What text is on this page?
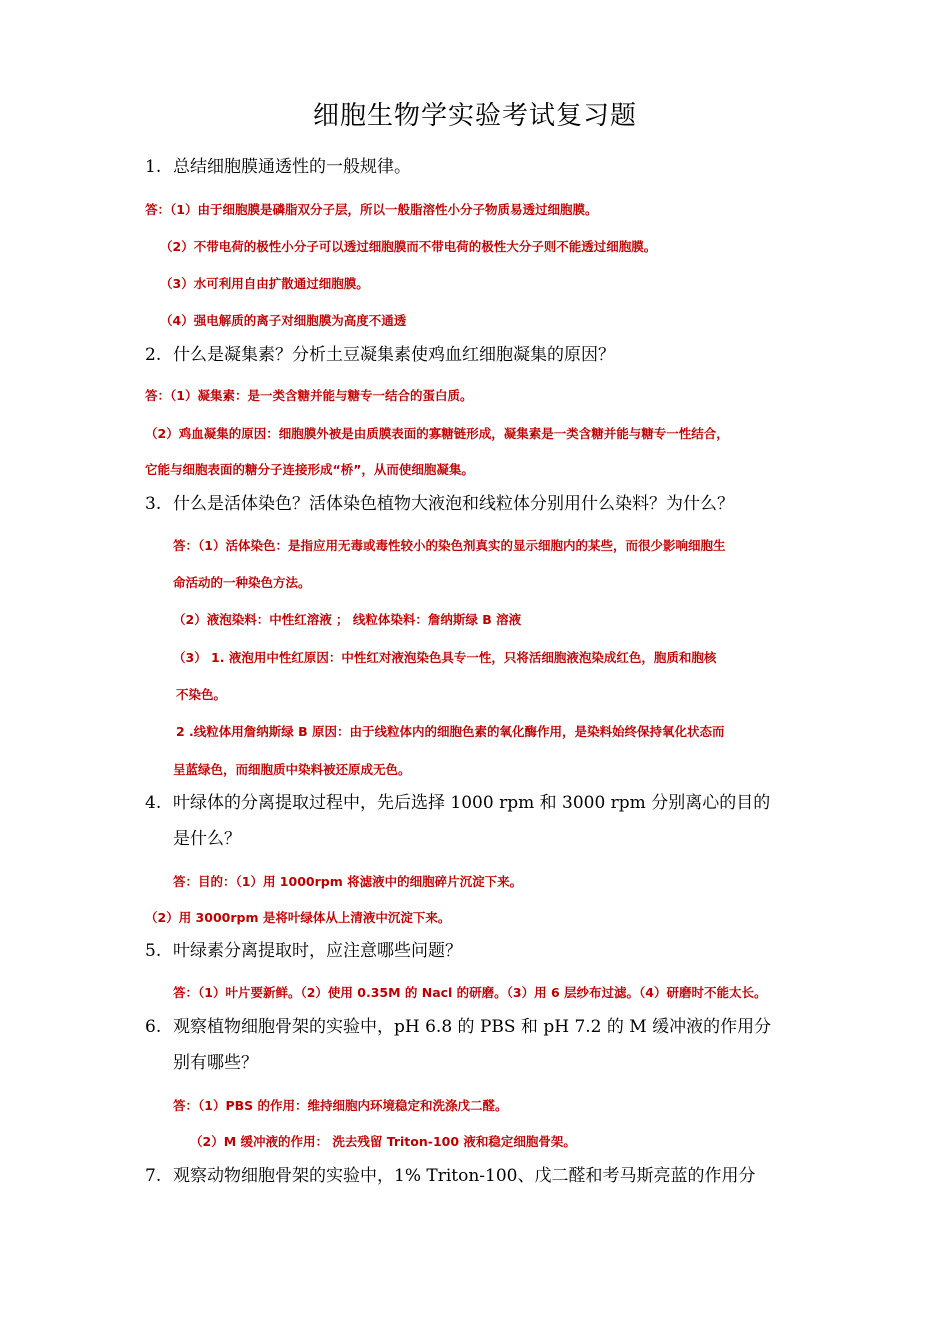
细胞生物学实验考试复习题
1. 总结细胞膜通透性的一般规律。
答：（1）由于细胞膜是磷脂双分子层，所以一般脂溶性小分子物质易透过细胞膜。
（2）不带电荷的极性小分子可以透过细胞膜而不带电荷的极性大分子则不能透过细胞膜。
（3）水可利用自由扩散通过细胞膜。
（4）强电解质的离子对细胞膜为高度不通透
2. 什么是凝集素？分析土豆凝集素使鸡血红细胞凝集的原因？
答：（1）凝集素：是一类含糖并能与糖专一结合的蛋白质。
（2）鸡血凝集的原因：细胞膜外被是由质膜表面的寡糖链形成，凝集素是一类含糖并能与糖专一性结合，
它能与细胞表面的糖分子连接形成“桥”，从而使细胞凝集。
3. 什么是活体染色？活体染色植物大液泡和线粒体分别用什么染料？为什么？
答：（1）活体染色：是指应用无毒或毒性较小的染色剂真实的显示细胞内的某些，而很少影响细胞生
命活动的一种染色方法。
（2）液泡染料：中性红溶液 ； 线粒体染料：詹纳斯绿 B 溶液
（3） 1. 液泡用中性红原因：中性红对液泡染色具专一性，只将活细胞液泡染成红色，胞质和胞核
不染色。
2 .线粒体用詹纳斯绿 B 原因：由于线粒体内的细胞色素的氧化酶作用，是染料始终保持氧化状态而
呈蓝绿色，而细胞质中染料被还原成无色。
4. 叶绿体的分离提取过程中，先后选择 1000 rpm 和 3000 rpm 分别离心的目的
是什么？
答：目的：（1）用 1000rpm 将滤液中的细胞碎片沉淀下来。
（2）用 3000rpm 是将叶绿体从上清液中沉淀下来。
5. 叶绿素分离提取时，应注意哪些问题？
答：（1）叶片要新鲜。（2）使用 0.35M 的 Nacl 的研磨。（3）用 6 层纱布过滤。（4）研磨时不能太长。
6. 观察植物细胞骨架的实验中，pH 6.8 的 PBS 和 pH 7.2 的 M 缓冲液的作用分
别有哪些？
答：（1）PBS 的作用：维持细胞内环境稳定和洗涤戊二醛。
（2）M 缓冲液的作用： 洗去残留 Triton-100 液和稳定细胞骨架。
7. 观察动物细胞骨架的实验中，1% Triton-100、戊二醛和考马斯亮蓝的作用分
